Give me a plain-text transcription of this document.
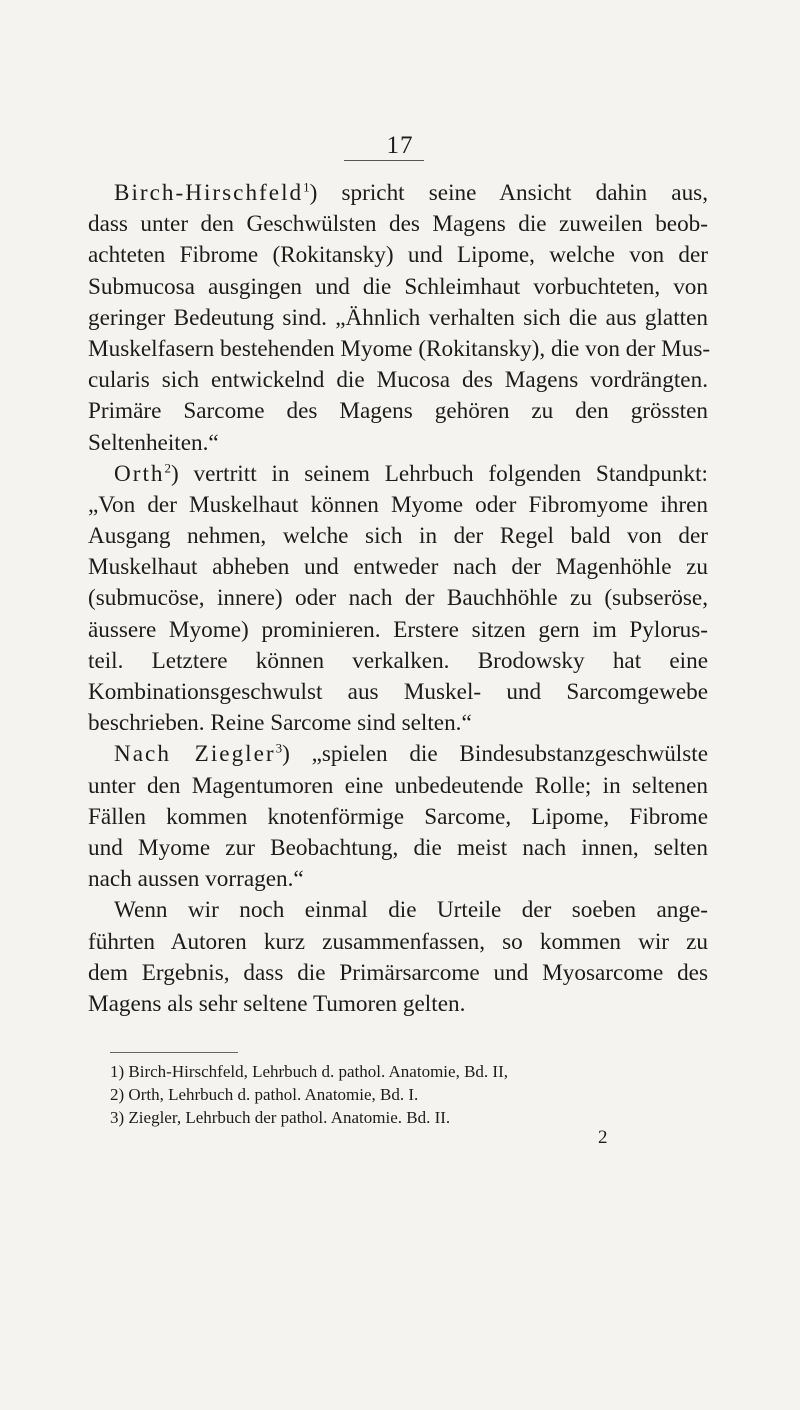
17
Birch-Hirschfeld$^1$) spricht seine Ansicht dahin aus,
dass unter den Geschwülsten des Magens die zuweilen beob-
achteten Fibrome (Rokitansky) und Lipome, welche von der
Submucosa ausgingen und die Schleimhaut vorbuchteten, von
geringer Bedeutung sind. „Ähnlich verhalten sich die aus glatten
Muskelfasern bestehenden Myome (Rokitansky), die von der Mus-
cularis sich entwickelnd die Mucosa des Magens vordrängten.
Primäre Sarcome des Magens gehören zu den grössten
Seltenheiten.“
Orth$^2$) vertritt in seinem Lehrbuch folgenden Standpunkt:
„Von der Muskelhaut können Myome oder Fibromyome ihren
Ausgang nehmen, welche sich in der Regel bald von der
Muskelhaut abheben und entweder nach der Magenhöhle zu
(submucöse, innere) oder nach der Bauchhöhle zu (subseröse,
äussere Myome) prominieren. Erstere sitzen gern im Pylorus-
teil. Letztere können verkalken. Brodowsky hat eine
Kombinationsgeschwulst aus Muskel- und Sarcomgewebe
beschrieben. Reine Sarcome sind selten.“
Nach Ziegler$^3$) „spielen die Bindesubstanzgeschwülste
unter den Magentumoren eine unbedeutende Rolle; in seltenen
Fällen kommen knotenförmige Sarcome, Lipome, Fibrome
und Myome zur Beobachtung, die meist nach innen, selten
nach aussen vorragen.“
Wenn wir noch einmal die Urteile der soeben ange-
führten Autoren kurz zusammenfassen, so kommen wir zu
dem Ergebnis, dass die Primärsarcome und Myosarcome des
Magens als sehr seltene Tumoren gelten.
1) Birch-Hirschfeld, Lehrbuch d. pathol. Anatomie, Bd. II,
2) Orth, Lehrbuch d. pathol. Anatomie, Bd. I.
3) Ziegler, Lehrbuch der pathol. Anatomie. Bd. II.
2
